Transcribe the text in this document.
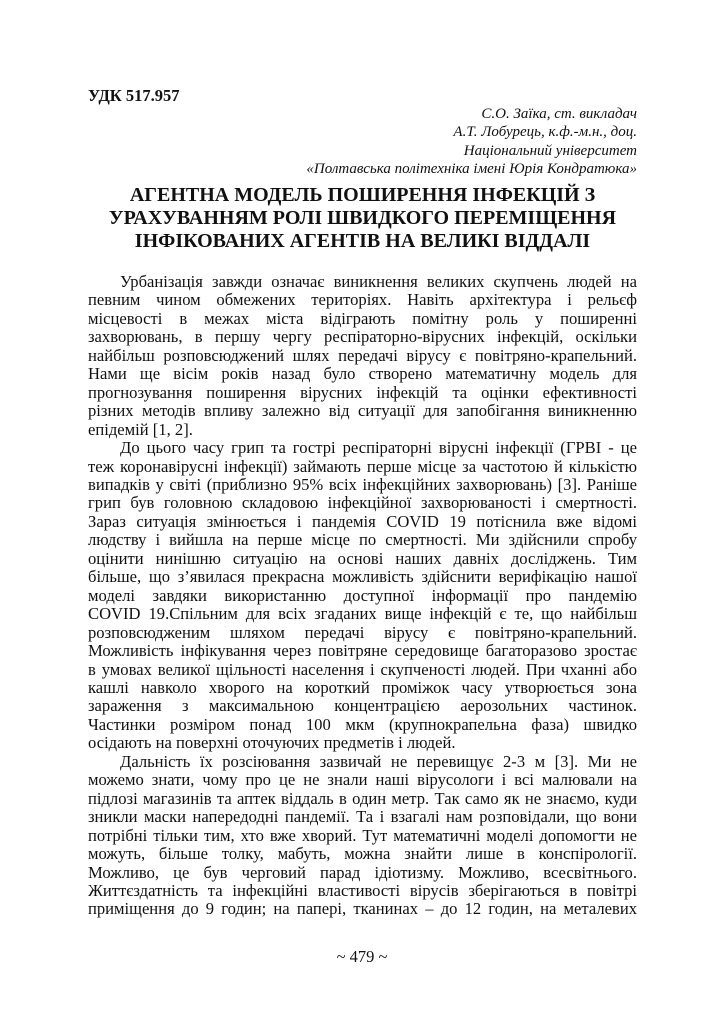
УДК 517.957
С.О. Заїка, ст. викладач
А.Т. Лобурець, к.ф.-м.н., доц.
Національний університет
«Полтавська політехніка імені Юрія Кондратюка»
АГЕНТНА МОДЕЛЬ ПОШИРЕННЯ ІНФЕКЦІЙ З
УРАХУВАННЯМ РОЛІ ШВИДКОГО ПЕРЕМІЩЕННЯ
ІНФІКОВАНИХ АГЕНТІВ НА ВЕЛИКІ ВІДДАЛІ
Урбанізація завжди означає виникнення великих скупчень людей на
певним чином обмежених територіях. Навіть архітектура і рельєф
місцевості в межах міста відіграють помітну роль у поширенні
захворювань, в першу чергу респіраторно-вірусних інфекцій, оскільки
найбільш розповсюджений шлях передачі вірусу є повітряно-крапельний.
Нами ще вісім років назад було створено математичну модель для
прогнозування поширення вірусних інфекцій та оцінки ефективності
різних методів впливу залежно від ситуації для запобігання виникненню
епідемій [1, 2].
До цього часу грип та гострі респіраторні вірусні інфекції (ГРВІ - це
теж коронавірусні інфекції) займають перше місце за частотою й кількістю
випадків у світі (приблизно 95% всіх інфекційних захворювань) [3]. Раніше
грип був головною складовою інфекційної захворюваності і смертності.
Зараз ситуація змінюється і пандемія COVID 19 потіснила вже відомі
людству і вийшла на перше місце по смертності. Ми здійснили спробу
оцінити нинішню ситуацію на основі наших давніх досліджень. Тим
більше, що з’явилася прекрасна можливість здійснити верифікацію нашої
моделі завдяки використанню доступної інформації про пандемію
COVID 19.Спільним для всіх згаданих вище інфекцій є те, що найбільш
розповсюдженим шляхом передачі вірусу є повітряно-крапельний.
Можливість інфікування через повітряне середовище багаторазово зростає
в умовах великої щільності населення і скупченості людей. При чханні або
кашлі навколо хворого на короткий проміжок часу утворюється зона
зараження з максимальною концентрацією аерозольних частинок.
Частинки розміром понад 100 мкм (крупнокрапельна фаза) швидко
осідають на поверхні оточуючих предметів і людей.
Дальність їх розсіювання зазвичай не перевищує 2-3 м [3]. Ми не
можемо знати, чому про це не знали наші вірусологи і всі малювали на
підлозі магазинів та аптек віддаль в один метр. Так само як не знаємо, куди
зникли маски напередодні пандемії. Та і взагалі нам розповідали, що вони
потрібні тільки тим, хто вже хворий. Тут математичні моделі допомогти не
можуть, більше толку, мабуть, можна знайти лише в конспірології.
Можливо, це був черговий парад ідіотизму. Можливо, всесвітнього.
Життєздатність та інфекційні властивості вірусів зберігаються в повітрі
приміщення до 9 годин; на папері, тканинах – до 12 годин, на металевих
~ 479 ~
